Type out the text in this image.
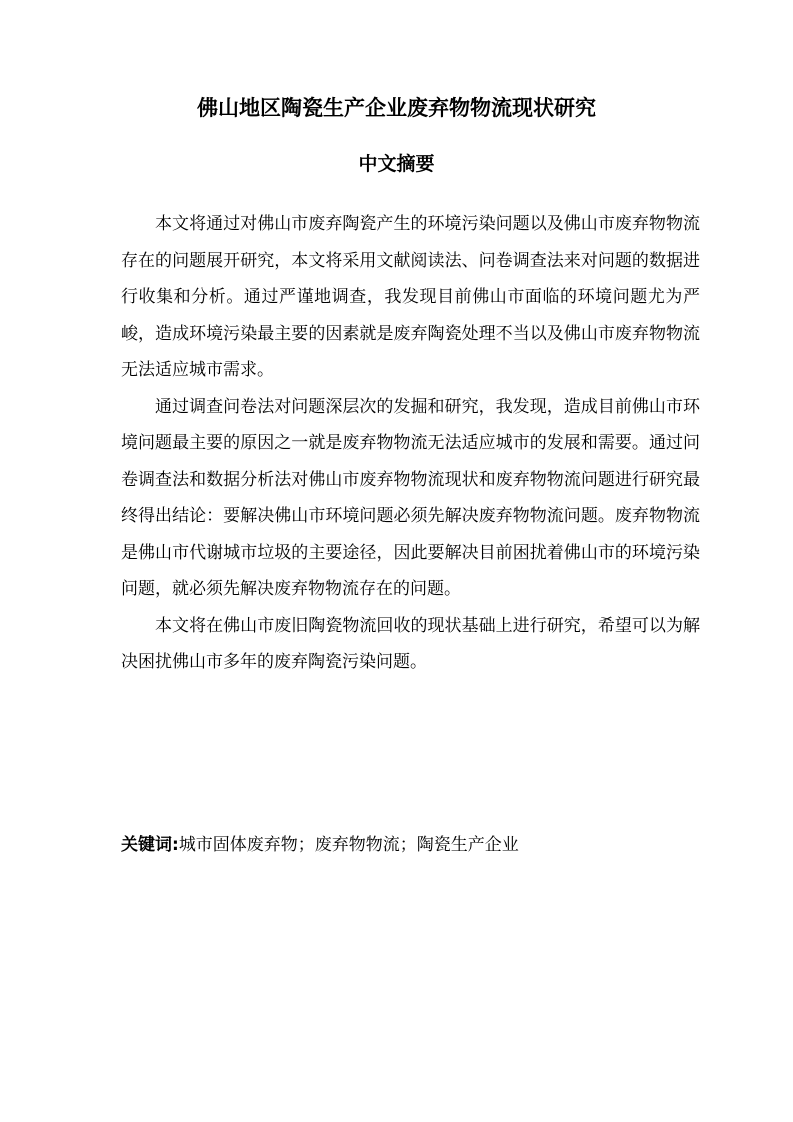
佛山地区陶瓷生产企业废弃物物流现状研究
中文摘要

本文将通过对佛山市废弃陶瓷产生的环境污染问题以及佛山市废弃物物流存在的问题展开研究，本文将采用文献阅读法、问卷调查法来对问题的数据进行收集和分析。通过严谨地调查，我发现目前佛山市面临的环境问题尤为严峻，造成环境污染最主要的因素就是废弃陶瓷处理不当以及佛山市废弃物物流无法适应城市需求。

通过调查问卷法对问题深层次的发掘和研究，我发现，造成目前佛山市环境问题最主要的原因之一就是废弃物物流无法适应城市的发展和需要。通过问卷调查法和数据分析法对佛山市废弃物物流现状和废弃物物流问题进行研究最终得出结论：要解决佛山市环境问题必须先解决废弃物物流问题。废弃物物流是佛山市代谢城市垃圾的主要途径，因此要解决目前困扰着佛山市的环境污染问题，就必须先解决废弃物物流存在的问题。

本文将在佛山市废旧陶瓷物流回收的现状基础上进行研究，希望可以为解决困扰佛山市多年的废弃陶瓷污染问题。

关键词:城市固体废弃物；废弃物物流；陶瓷生产企业
